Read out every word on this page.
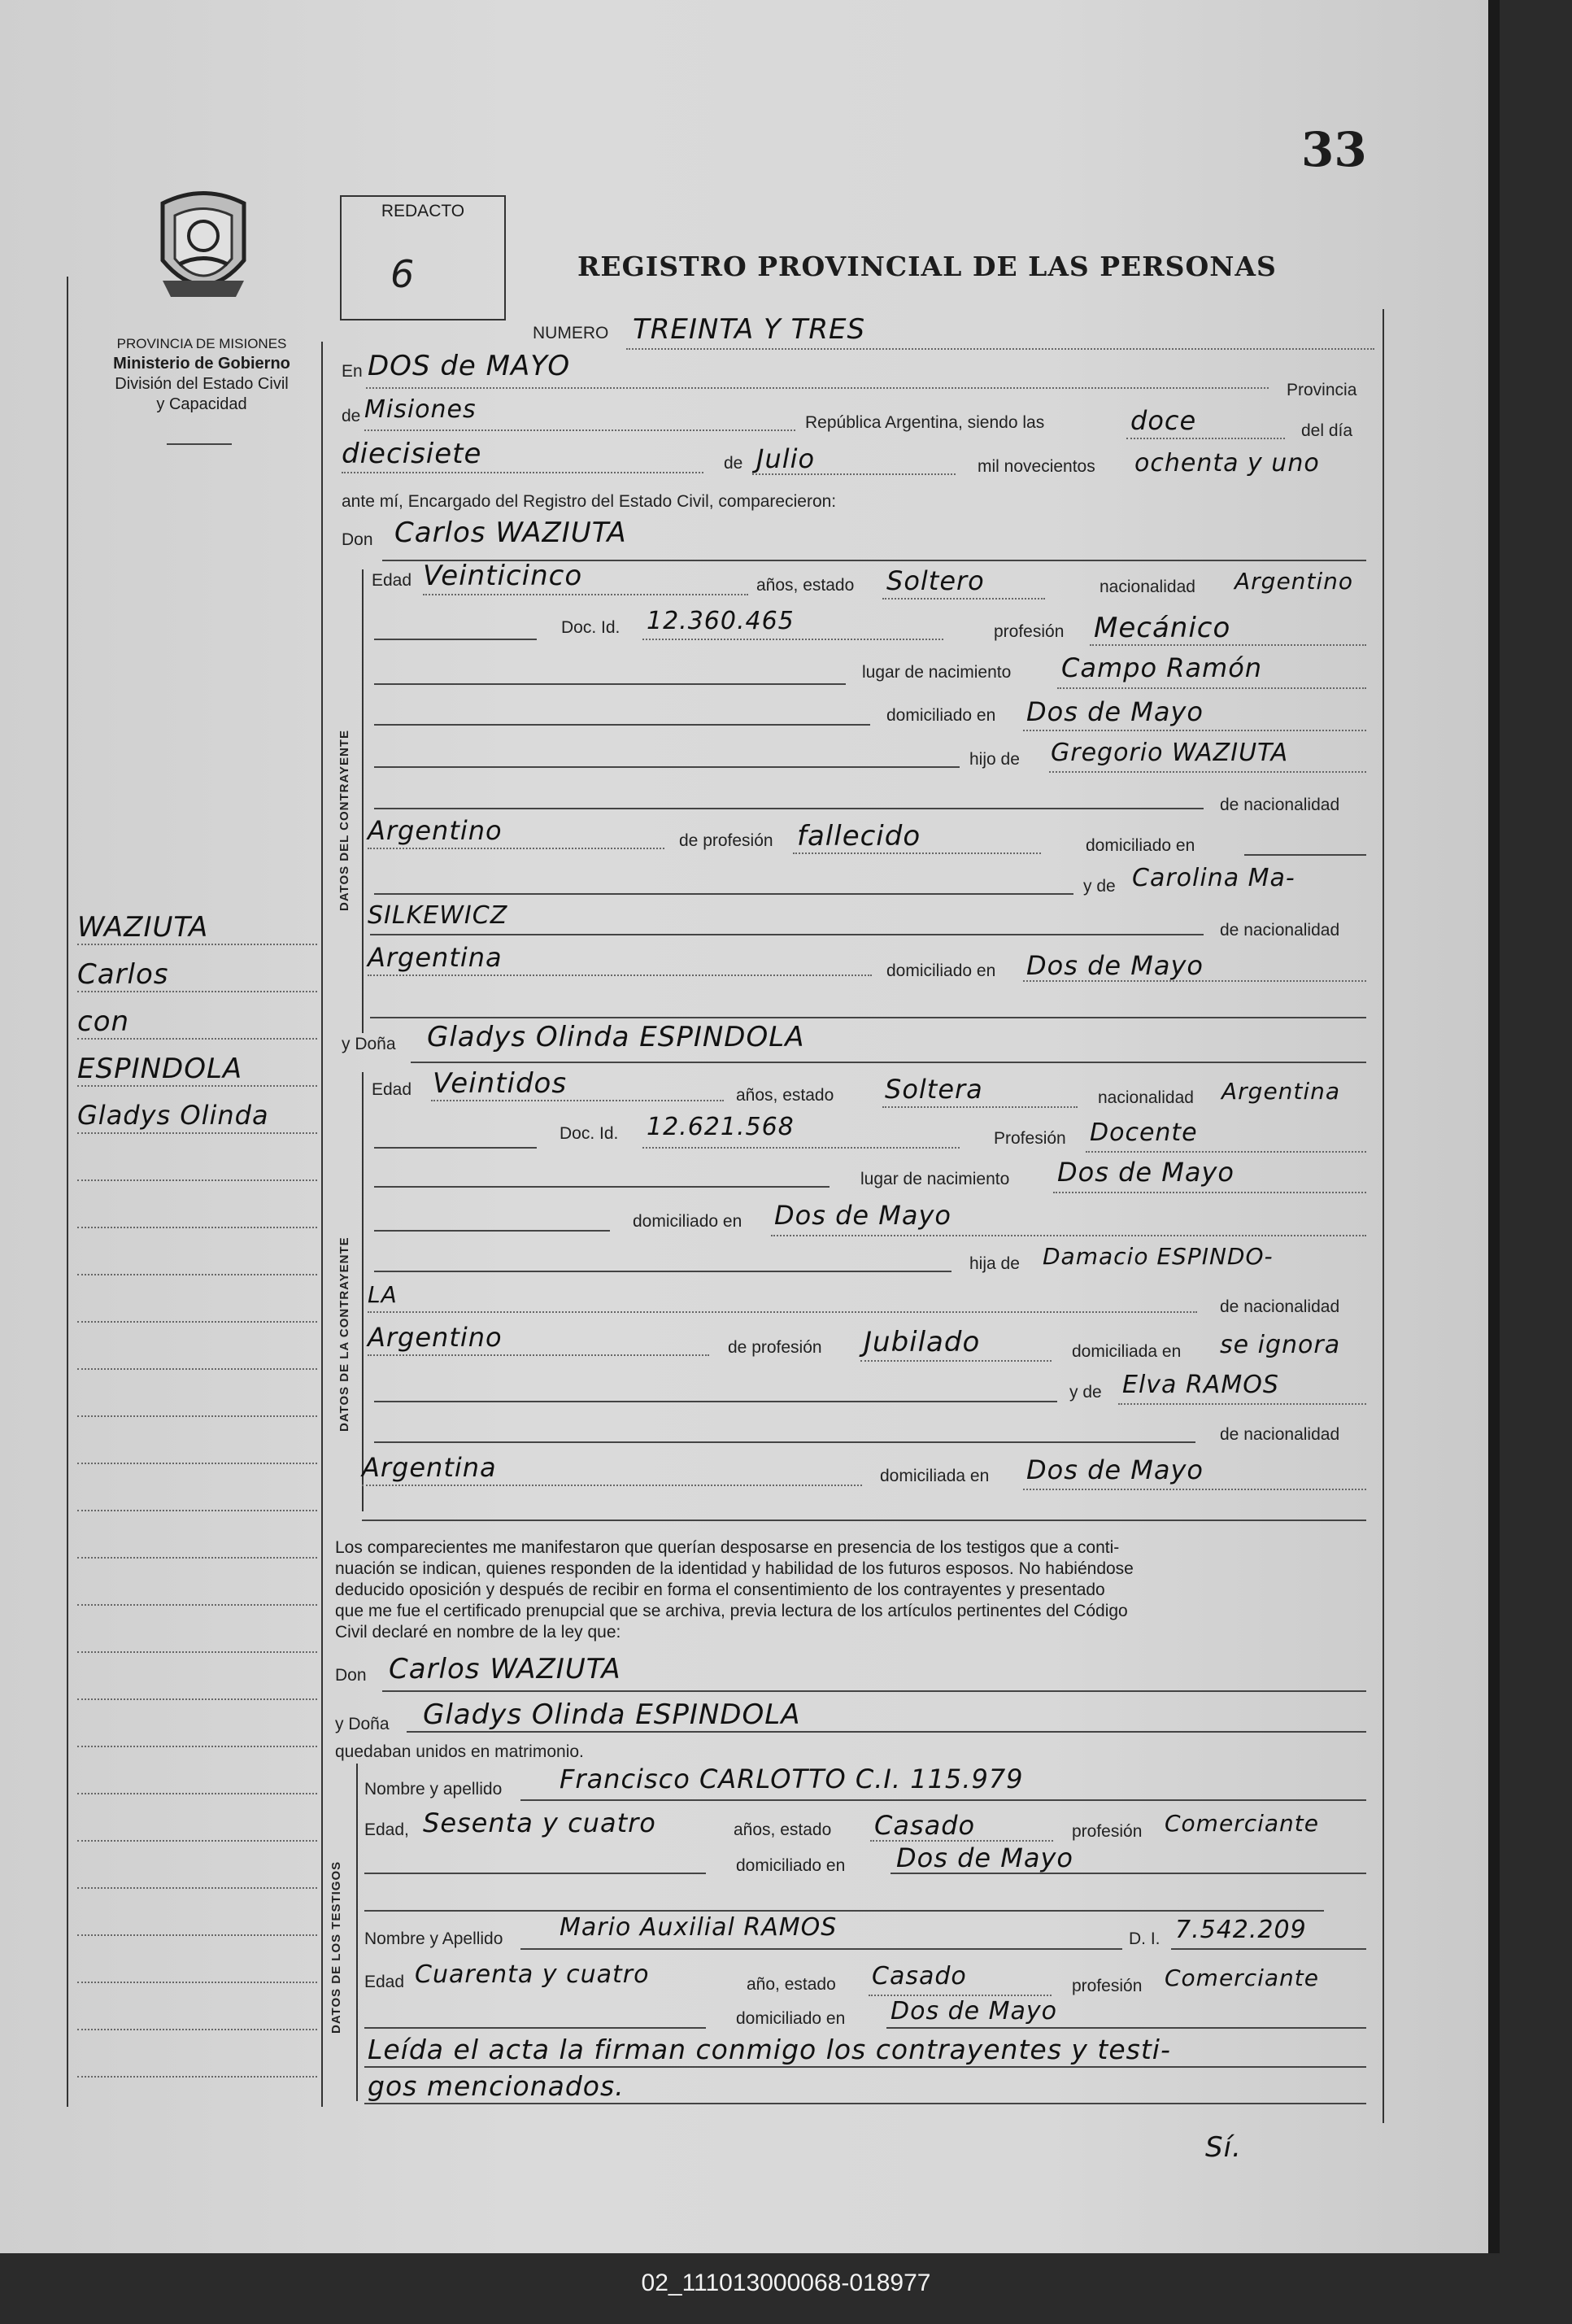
33
REDACTO
6	REGISTRO PROVINCIAL DE LAS PERSONAS
PROVINCIA DE MISIONES
Ministerio de Gobierno
División del Estado Civil
y Capacidad
WAZIUTA
Carlos
con
ESPINDOLA
Gladys Olinda
NUMERO TREINTA Y TRES
En DOS de MAYO
Provincia
de Misiones	República Argentina, siendo las	doce	del día
diecisiete	de Julio	mil novecientos ochenta y uno
ante mí, Encargado del Registro del Estado Civil, comparecieron:
Don Carlos WAZIUTA
DATOS DEL CONTRAYENTE
Edad Veinticinco	años, estado Soltero	nacionalidad Argentino
Doc. Id. 12.360.465	profesión Mecánico
lugar de nacimiento Campo Ramón
domiciliado en Dos de Mayo
hijo de Gregorio WAZIUTA
de nacionalidad
Argentino	de profesión fallecido	domiciliado en
y de Carolina Ma-
SILKEWICZ
de nacionalidad
Argentina	domiciliado en Dos de Mayo
y Doña Gladys Olinda ESPINDOLA
DATOS DE LA CONTRAYENTE
Edad Veintidos	años, estado Soltera	nacionalidad Argentina
Doc. Id. 12.621.568	Profesión Docente
lugar de nacimiento Dos de Mayo
domiciliado en Dos de Mayo
hija de Damacio ESPINDO-
LA	de nacionalidad
Argentino	de profesión Jubilado	domiciliada en se ignora
y de Elva RAMOS
de nacionalidad
Argentina	domiciliada en Dos de Mayo
Los comparecientes me manifestaron que querían desposarse en presencia de los testigos que a conti-
nuación se indican, quienes responden de la identidad y habilidad de los futuros esposos. No habiéndose
deducido oposición y después de recibir en forma el consentimiento de los contrayentes y presentado
que me fue el certificado prenupcial que se archiva, previa lectura de los artículos pertinentes del Código
Civil declaré en nombre de la ley que:
Don Carlos WAZIUTA
y Doña Gladys Olinda ESPINDOLA
quedaban unidos en matrimonio.
DATOS DE LOS TESTIGOS
Nombre y apellido Francisco CARLOTTO C.I. 115.979
Edad, Sesenta y cuatro	años, estado Casado	profesión Comerciante
domiciliado en Dos de Mayo
Nombre y Apellido Mario Auxilial RAMOS	D. I. 7.542.209
Edad Cuarenta y cuatro	año, estado Casado	profesión Comerciante
domiciliado en Dos de Mayo
Leída el acta la firman conmigo los contrayentes y testi-
gos mencionados.
Sí.
02_111013000068-018977
